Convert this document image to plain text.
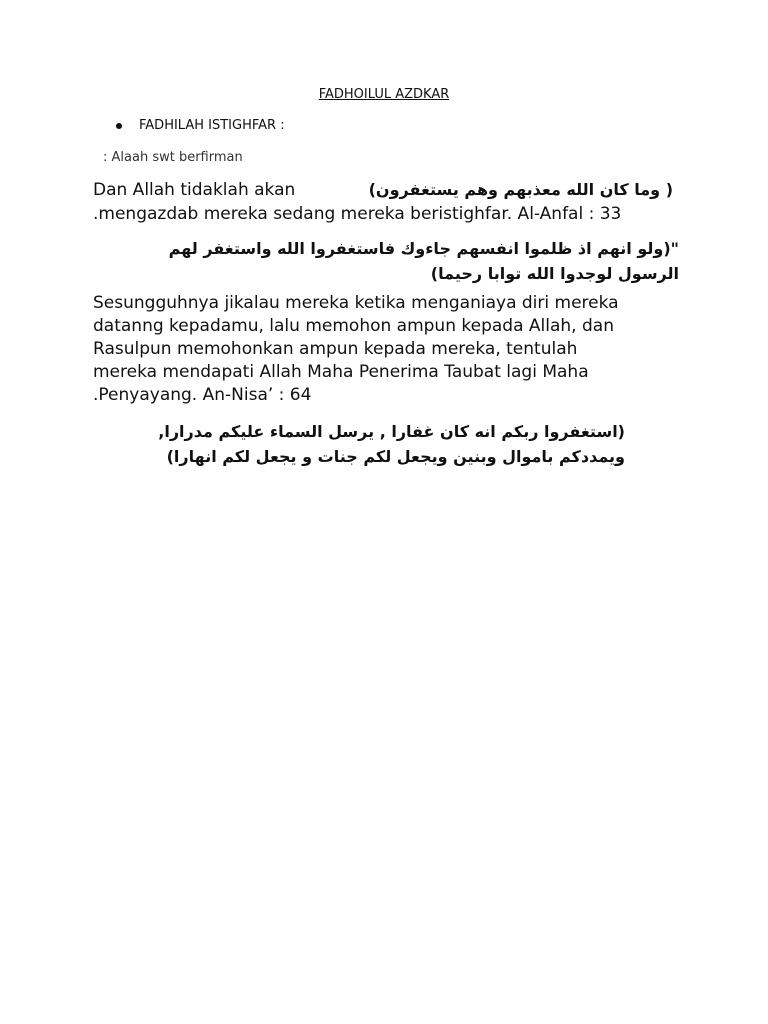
FADHOILUL AZDKAR
FADHILAH ISTIGHFAR :
: Alaah swt berfirman
Dan Allah tidaklah akan	( وما كان الله معذبهم وهم يستغفرون)
.mengazdab mereka sedang mereka beristighfar. Al-Anfal : 33
"(ولو انهم اذ ظلموا انفسهم جاءوك فاستغفروا الله واستغفر لهم
الرسول لوجدوا الله توابا رحيما)
Sesungguhnya jikalau mereka ketika menganiaya diri mereka
datanng kepadamu, lalu memohon ampun kepada Allah, dan
Rasulpun memohonkan ampun kepada mereka, tentulah
mereka mendapati Allah Maha Penerima Taubat lagi Maha
.Penyayang. An-Nisa’ : 64
(استغفروا ربكم انه كان غفارا , يرسل السماء عليكم مدرارا,
ويمددكم باموال وبنين ويجعل لكم جنات و يجعل لكم انهارا)
